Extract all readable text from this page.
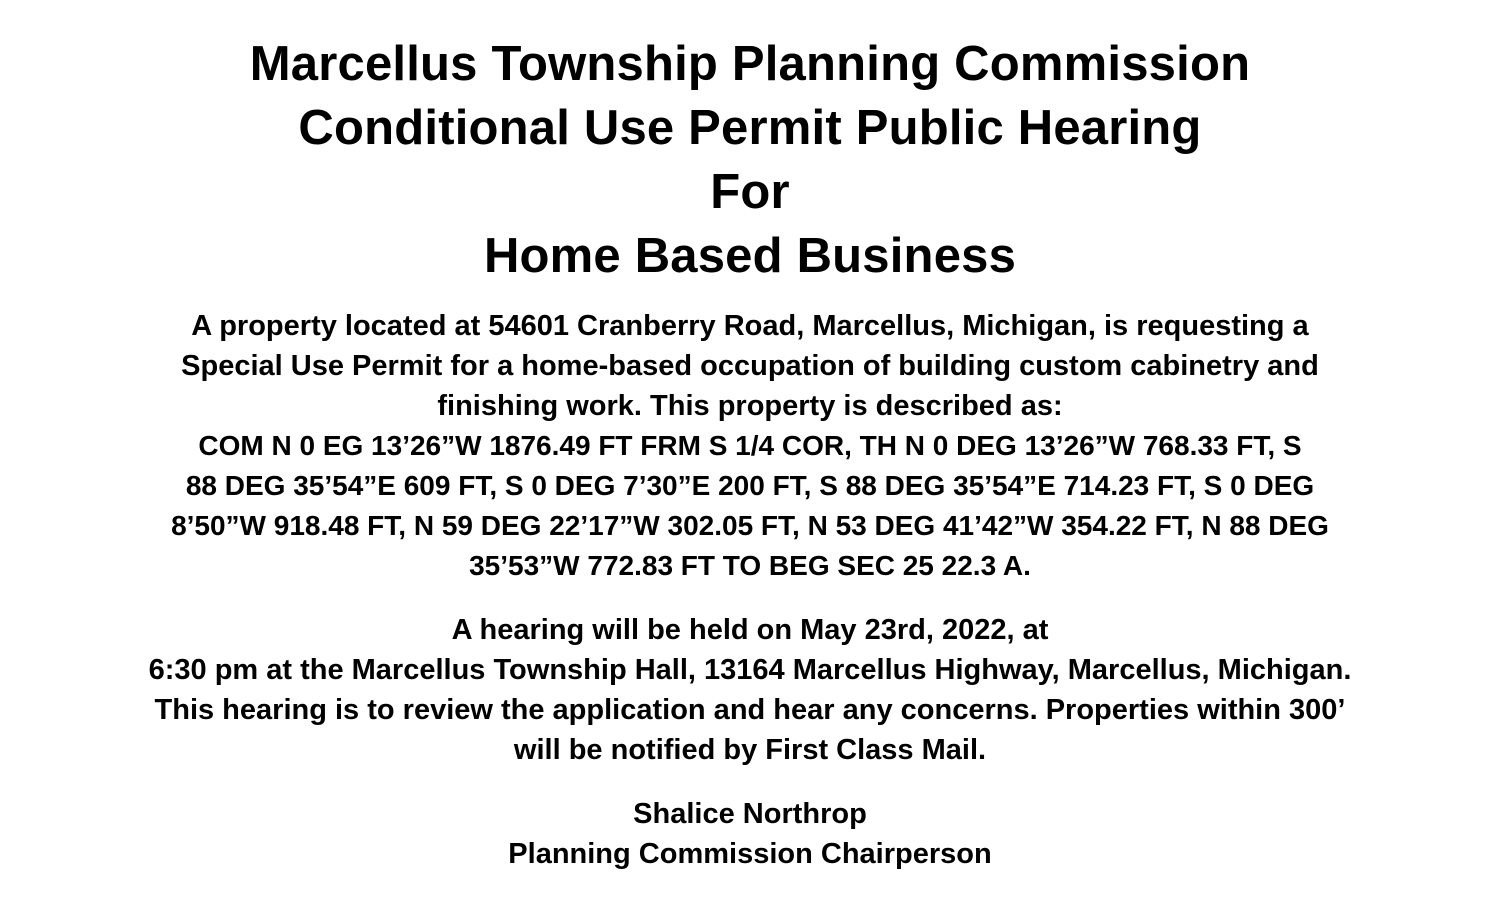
Marcellus Township Planning Commission
Conditional Use Permit Public Hearing
For
Home Based Business
A property located at 54601 Cranberry Road, Marcellus, Michigan, is requesting a
Special Use Permit for a home-based occupation of building custom cabinetry and
finishing work. This property is described as:
COM N 0 EG 13’26”W 1876.49 FT FRM S 1/4 COR, TH N 0 DEG 13’26”W 768.33 FT, S
88 DEG 35’54”E 609 FT, S 0 DEG 7’30”E 200 FT, S 88 DEG 35’54”E 714.23 FT, S 0 DEG
8’50”W 918.48 FT, N 59 DEG 22’17”W 302.05 FT, N 53 DEG 41’42”W 354.22 FT, N 88 DEG
35’53”W 772.83 FT TO BEG SEC 25 22.3 A.
A hearing will be held on May 23rd, 2022, at
6:30 pm at the Marcellus Township Hall, 13164 Marcellus Highway, Marcellus, Michigan.
This hearing is to review the application and hear any concerns. Properties within 300’
will be notified by First Class Mail.
Shalice Northrop
Planning Commission Chairperson
